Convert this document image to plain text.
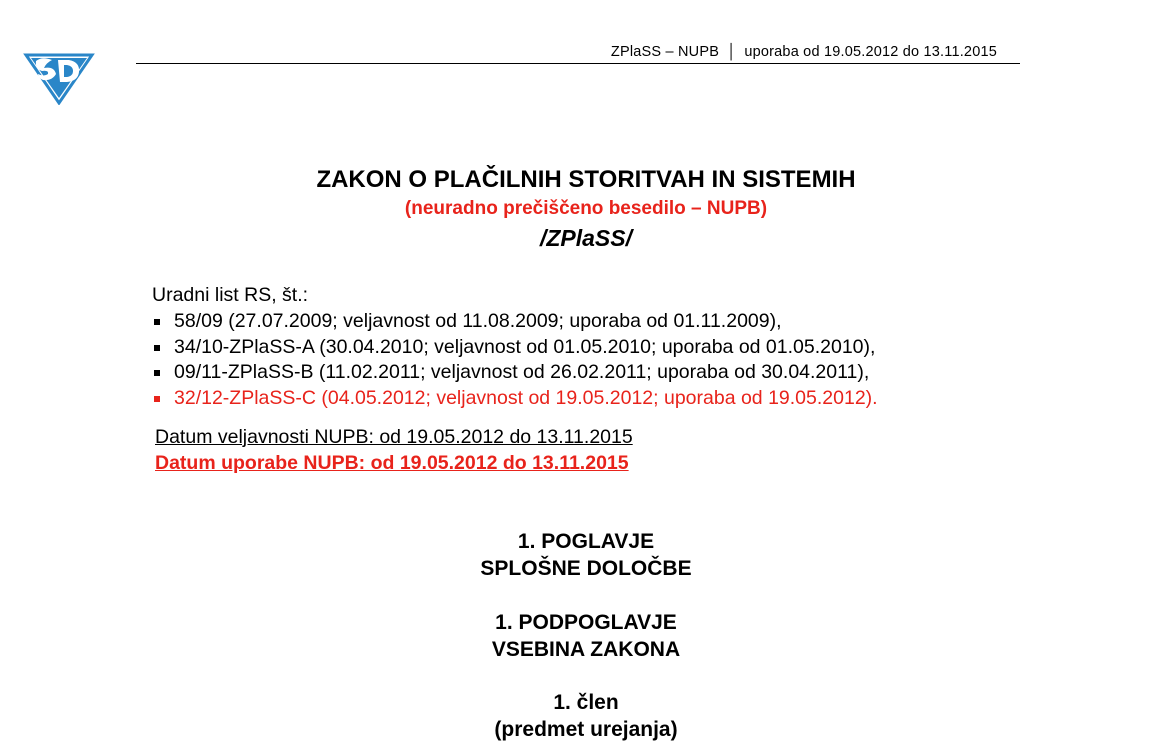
ZPlaSS – NUPB │ uporaba od 19.05.2012 do 13.11.2015
ZAKON O PLAČILNIH STORITVAH IN SISTEMIH
(neuradno prečiščeno besedilo – NUPB)
/ZPlaSS/
Uradni list RS, št.:
58/09 (27.07.2009; veljavnost od 11.08.2009; uporaba od 01.11.2009),
34/10-ZPlaSS-A (30.04.2010; veljavnost od 01.05.2010; uporaba od 01.05.2010),
09/11-ZPlaSS-B (11.02.2011; veljavnost od 26.02.2011; uporaba od 30.04.2011),
32/12-ZPlaSS-C (04.05.2012; veljavnost od 19.05.2012; uporaba od 19.05.2012).
Datum veljavnosti NUPB: od 19.05.2012 do 13.11.2015
Datum uporabe NUPB: od 19.05.2012 do 13.11.2015
1. POGLAVJE
SPLOŠNE DOLOČBE
1. PODPOGLAVJE
VSEBINA ZAKONA
1. člen
(predmet urejanja)
